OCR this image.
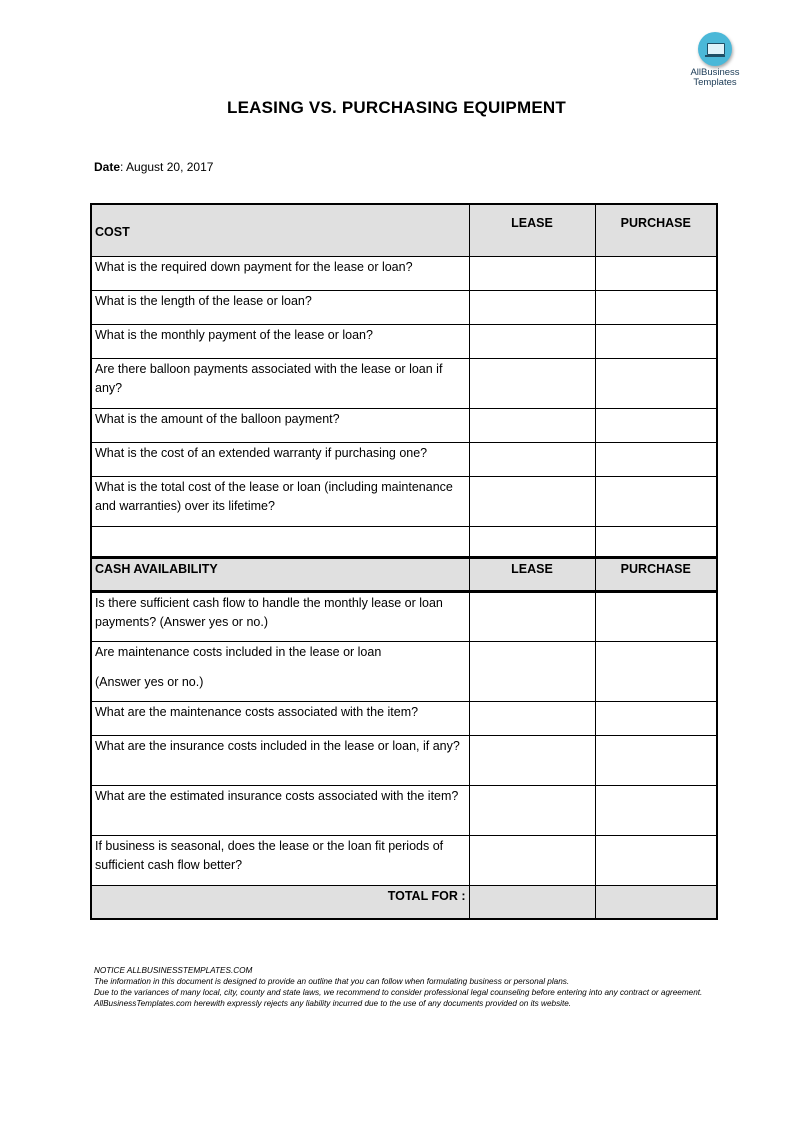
AllBusiness
Templates
LEASING VS. PURCHASING EQUIPMENT
Date: August 20, 2017
COST	LEASE	PURCHASE
What is the required down payment for the lease or loan?		
What is the length of the lease or loan?		
What is the monthly payment of the lease or loan?		
Are there balloon payments associated with the lease or loan if any?		
What is the amount of the balloon payment?		
What is the cost of an extended warranty if purchasing one?		
What is the total cost of the lease or loan (including maintenance and warranties) over its lifetime?		

CASH AVAILABILITY	LEASE	PURCHASE
Is there sufficient cash flow to handle the monthly lease or loan payments? (Answer yes or no.)		

Are maintenance costs included in the lease or loan
(Answer yes or no.)		

What are the maintenance costs associated with the item?		
What are the insurance costs included in the lease or loan, if any?		
What are the estimated insurance costs associated with the item?		
If business is seasonal, does the lease or the loan fit periods of sufficient cash flow better?		
TOTAL FOR :		
NOTICE ALLBUSINESSTEMPLATES.COM
The information in this document is designed to provide an outline that you can follow when formulating business or personal plans.
Due to the variances of many local, city, county and state laws, we recommend to consider professional legal counseling before entering into any contract or agreement. AllBusinessTemplates.com herewith expressly rejects any liability incurred due to the use of any documents provided on its website.
